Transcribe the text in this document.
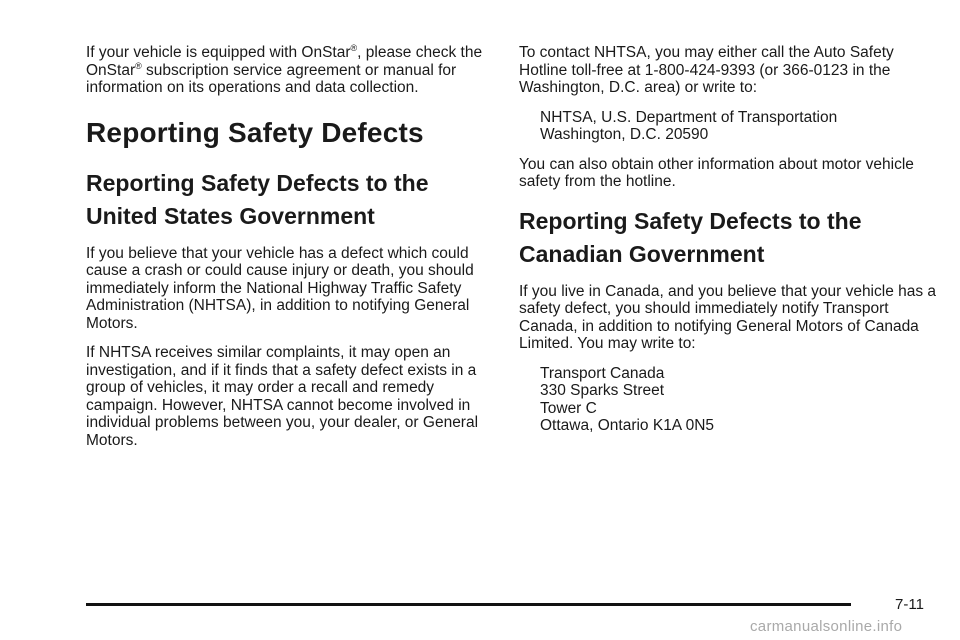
If your vehicle is equipped with OnStar®, please check the OnStar® subscription service agreement or manual for information on its operations and data collection.

Reporting Safety Defects
Reporting Safety Defects to the United States Government

If you believe that your vehicle has a defect which could cause a crash or could cause injury or death, you should immediately inform the National Highway Traffic Safety Administration (NHTSA), in addition to notifying General Motors.

If NHTSA receives similar complaints, it may open an investigation, and if it finds that a safety defect exists in a group of vehicles, it may order a recall and remedy campaign. However, NHTSA cannot become involved in individual problems between you, your dealer, or General Motors.

To contact NHTSA, you may either call the Auto Safety Hotline toll-free at 1-800-424-9393 (or 366-0123 in the Washington, D.C. area) or write to:

NHTSA, U.S. Department of Transportation

Washington, D.C. 20590

You can also obtain other information about motor vehicle safety from the hotline.

Reporting Safety Defects to the Canadian Government

If you live in Canada, and you believe that your vehicle has a safety defect, you should immediately notify Transport Canada, in addition to notifying General Motors of Canada Limited. You may write to:

Transport Canada

330 Sparks Street

Tower C

Ottawa, Ontario K1A 0N5

7-11
carmanualsonline.info
